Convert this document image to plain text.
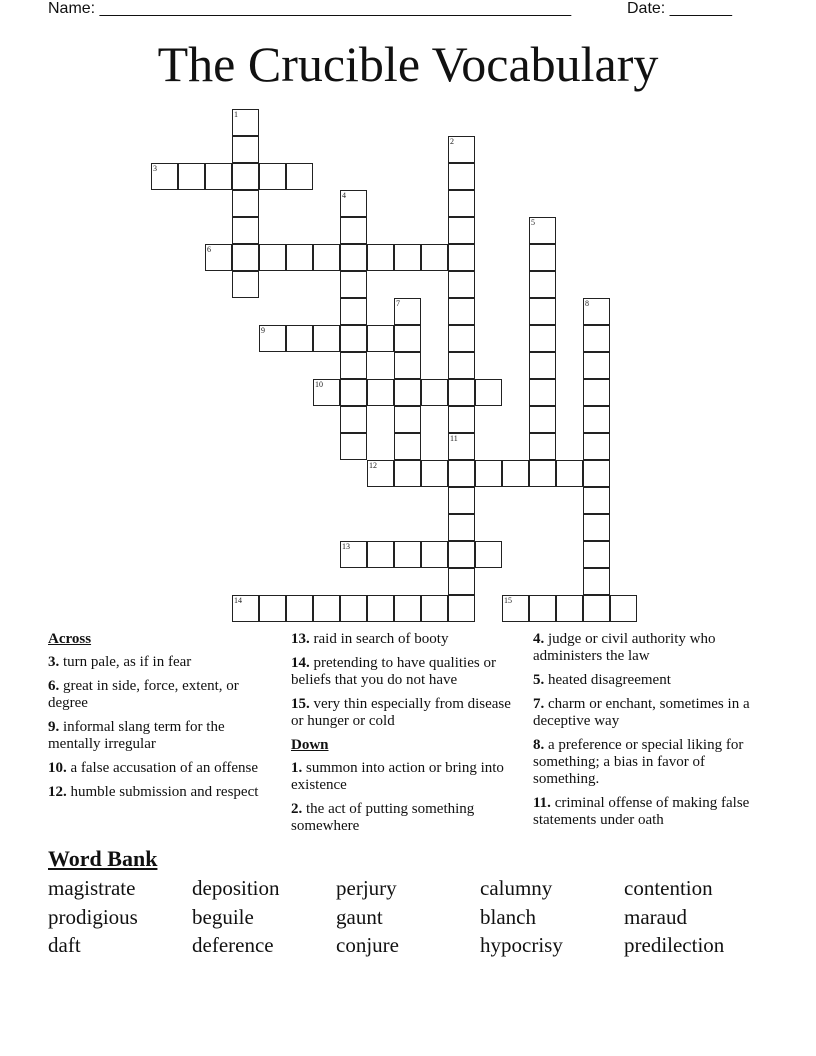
Name: _____________________________________________________	Date: _______
The Crucible Vocabulary
1
2
3
4
5
6
7	8
9
10
11
12
13
14	15
Across
3. turn pale, as if in fear
6. great in side, force, extent, or degree
9. informal slang term for the mentally irregular
10. a false accusation of an offense
12. humble submission and respect
13. raid in search of booty
14. pretending to have qualities or beliefs that you do not have
15. very thin especially from disease or hunger or cold
Down
1. summon into action or bring into existence
2. the act of putting something somewhere
4. judge or civil authority who administers the law
5. heated disagreement
7. charm or enchant, sometimes in a deceptive way
8. a preference or special liking for something; a bias in favor of something.
11. criminal offense of making false statements under oath
Word Bank
magistrate	deposition	perjury	calumny	contention
prodigious	beguile	gaunt	blanch	maraud
daft	deference	conjure	hypocrisy	predilection
